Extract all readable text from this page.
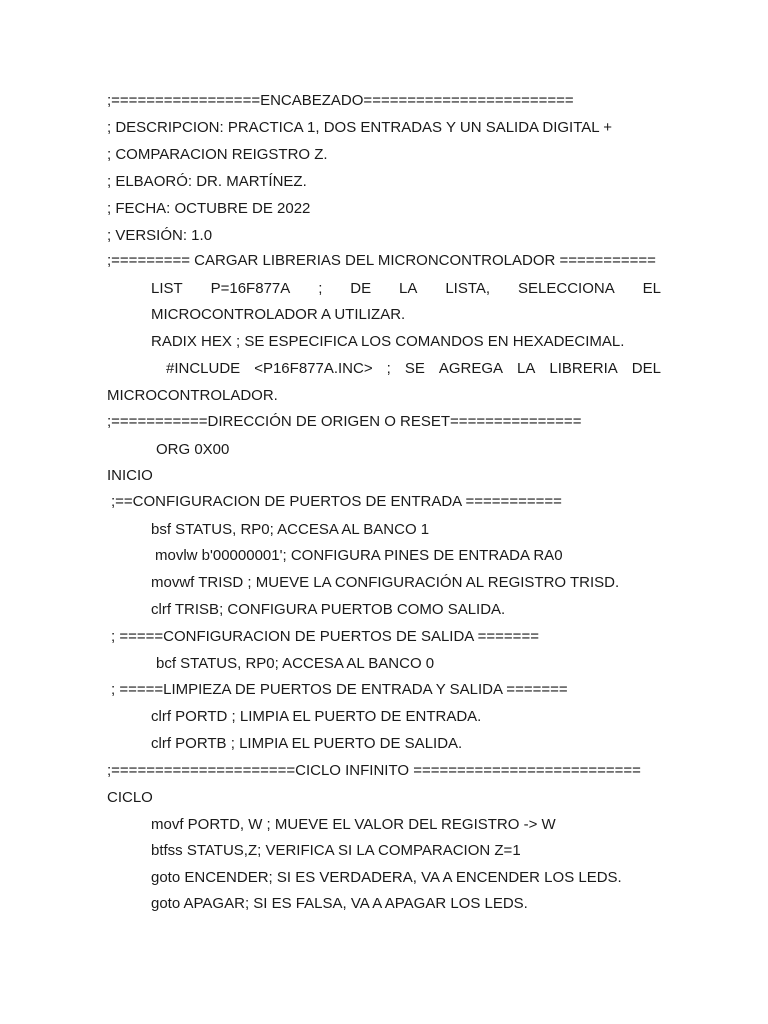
;=================ENCABEZADO========================
; DESCRIPCION: PRACTICA 1, DOS ENTRADAS Y UN SALIDA DIGITAL +
; COMPARACION REIGSTRO Z.
; ELBAORÓ: DR. MARTÍNEZ.
; FECHA: OCTUBRE DE 2022
; VERSIÓN: 1.0
;========= CARGAR LIBRERIAS DEL MICRONCONTROLADOR ===========
LIST P=16F877A ; DE LA LISTA, SELECCIONA EL
MICROCONTROLADOR A UTILIZAR.
RADIX HEX ; SE ESPECIFICA LOS COMANDOS EN HEXADECIMAL.
#INCLUDE <P16F877A.INC> ; SE AGREGA LA LIBRERIA DEL
MICROCONTROLADOR.
;===========DIRECCIÓN DE ORIGEN O RESET===============
ORG 0X00
INICIO
;==CONFIGURACION DE PUERTOS DE ENTRADA ===========
bsf STATUS, RP0; ACCESA AL BANCO 1
movlw b'00000001'; CONFIGURA PINES DE ENTRADA RA0
movwf TRISD ; MUEVE LA CONFIGURACIÓN AL REGISTRO TRISD.
clrf TRISB; CONFIGURA PUERTOB COMO SALIDA.
; =====CONFIGURACION DE PUERTOS DE SALIDA =======
bcf STATUS, RP0; ACCESA AL BANCO 0
; =====LIMPIEZA DE PUERTOS DE ENTRADA Y SALIDA =======
clrf PORTD ; LIMPIA EL PUERTO DE ENTRADA.
clrf PORTB ; LIMPIA EL PUERTO DE SALIDA.
;=====================CICLO INFINITO ==========================
CICLO
movf PORTD, W ; MUEVE EL VALOR DEL REGISTRO -> W
btfss STATUS,Z; VERIFICA SI LA COMPARACION Z=1
goto ENCENDER; SI ES VERDADERA, VA A ENCENDER LOS LEDS.
goto APAGAR; SI ES FALSA, VA A APAGAR LOS LEDS.
